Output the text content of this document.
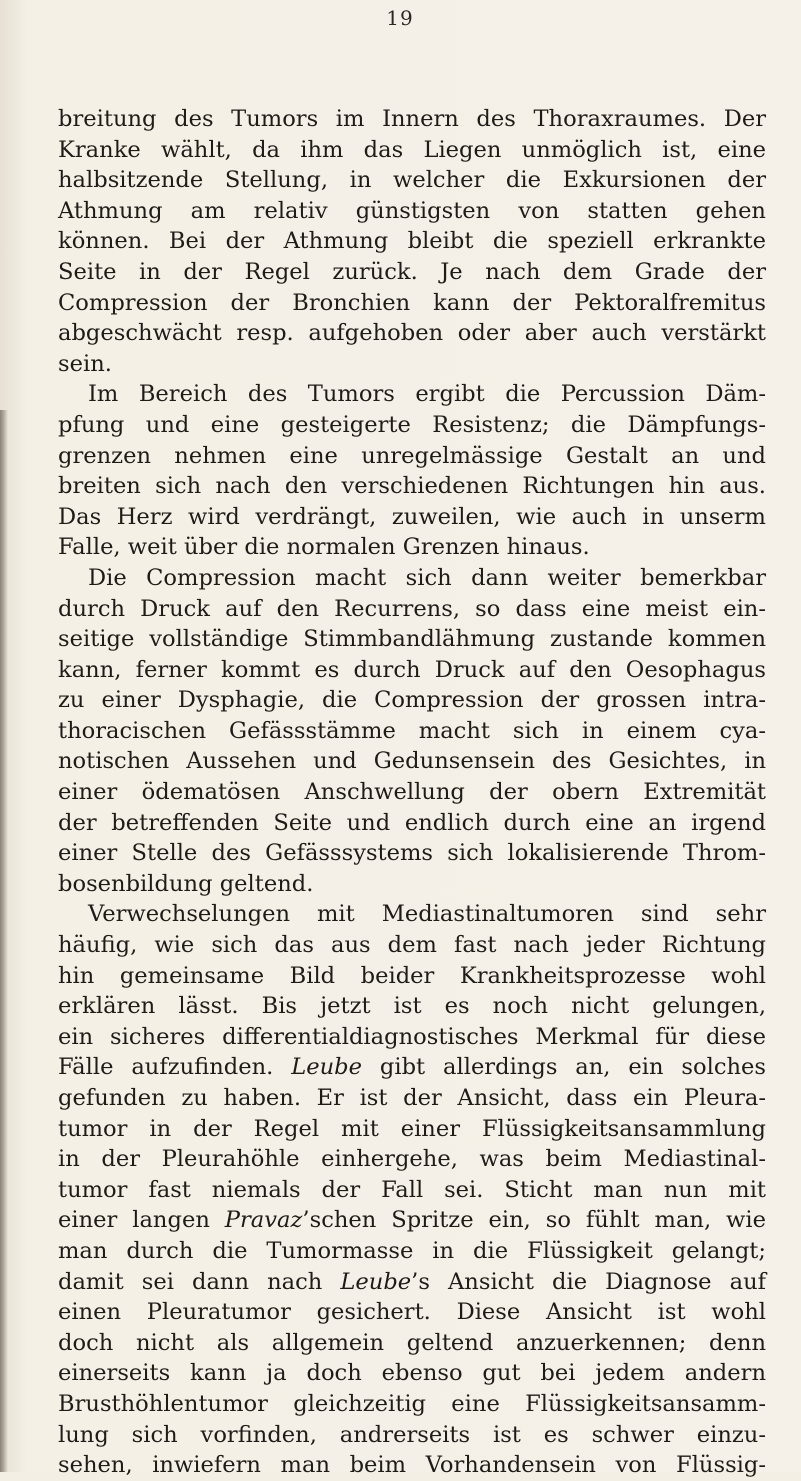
19
breitung des Tumors im Innern des Thoraxraumes. Der
Kranke wählt, da ihm das Liegen unmöglich ist, eine
halbsitzende Stellung, in welcher die Exkursionen der
Athmung am relativ günstigsten von statten gehen
können. Bei der Athmung bleibt die speziell erkrankte
Seite in der Regel zurück. Je nach dem Grade der
Compression der Bronchien kann der Pektoralfremitus
abgeschwächt resp. aufgehoben oder aber auch verstärkt
sein.
Im Bereich des Tumors ergibt die Percussion Däm-
pfung und eine gesteigerte Resistenz; die Dämpfungs-
grenzen nehmen eine unregelmässige Gestalt an und
breiten sich nach den verschiedenen Richtungen hin aus.
Das Herz wird verdrängt, zuweilen, wie auch in unserm
Falle, weit über die normalen Grenzen hinaus.
Die Compression macht sich dann weiter bemerkbar
durch Druck auf den Recurrens, so dass eine meist ein-
seitige vollständige Stimmbandlähmung zustande kommen
kann, ferner kommt es durch Druck auf den Oesophagus
zu einer Dysphagie, die Compression der grossen intra-
thoracischen Gefässstämme macht sich in einem cya-
notischen Aussehen und Gedunsensein des Gesichtes, in
einer ödematösen Anschwellung der obern Extremität
der betreffenden Seite und endlich durch eine an irgend
einer Stelle des Gefässsystems sich lokalisierende Throm-
bosenbildung geltend.
Verwechselungen mit Mediastinaltumoren sind sehr
häufig, wie sich das aus dem fast nach jeder Richtung
hin gemeinsame Bild beider Krankheitsprozesse wohl
erklären lässt. Bis jetzt ist es noch nicht gelungen,
ein sicheres differentialdiagnostisches Merkmal für diese
Fälle aufzufinden. Leube gibt allerdings an, ein solches
gefunden zu haben. Er ist der Ansicht, dass ein Pleura-
tumor in der Regel mit einer Flüssigkeitsansammlung
in der Pleurahöhle einhergehe, was beim Mediastinal-
tumor fast niemals der Fall sei. Sticht man nun mit
einer langen Pravaz’schen Spritze ein, so fühlt man, wie
man durch die Tumormasse in die Flüssigkeit gelangt;
damit sei dann nach Leube’s Ansicht die Diagnose auf
einen Pleuratumor gesichert. Diese Ansicht ist wohl
doch nicht als allgemein geltend anzuerkennen; denn
einerseits kann ja doch ebenso gut bei jedem andern
Brusthöhlentumor gleichzeitig eine Flüssigkeitsansamm-
lung sich vorfinden, andrerseits ist es schwer einzu-
sehen, inwiefern man beim Vorhandensein von Flüssig-
